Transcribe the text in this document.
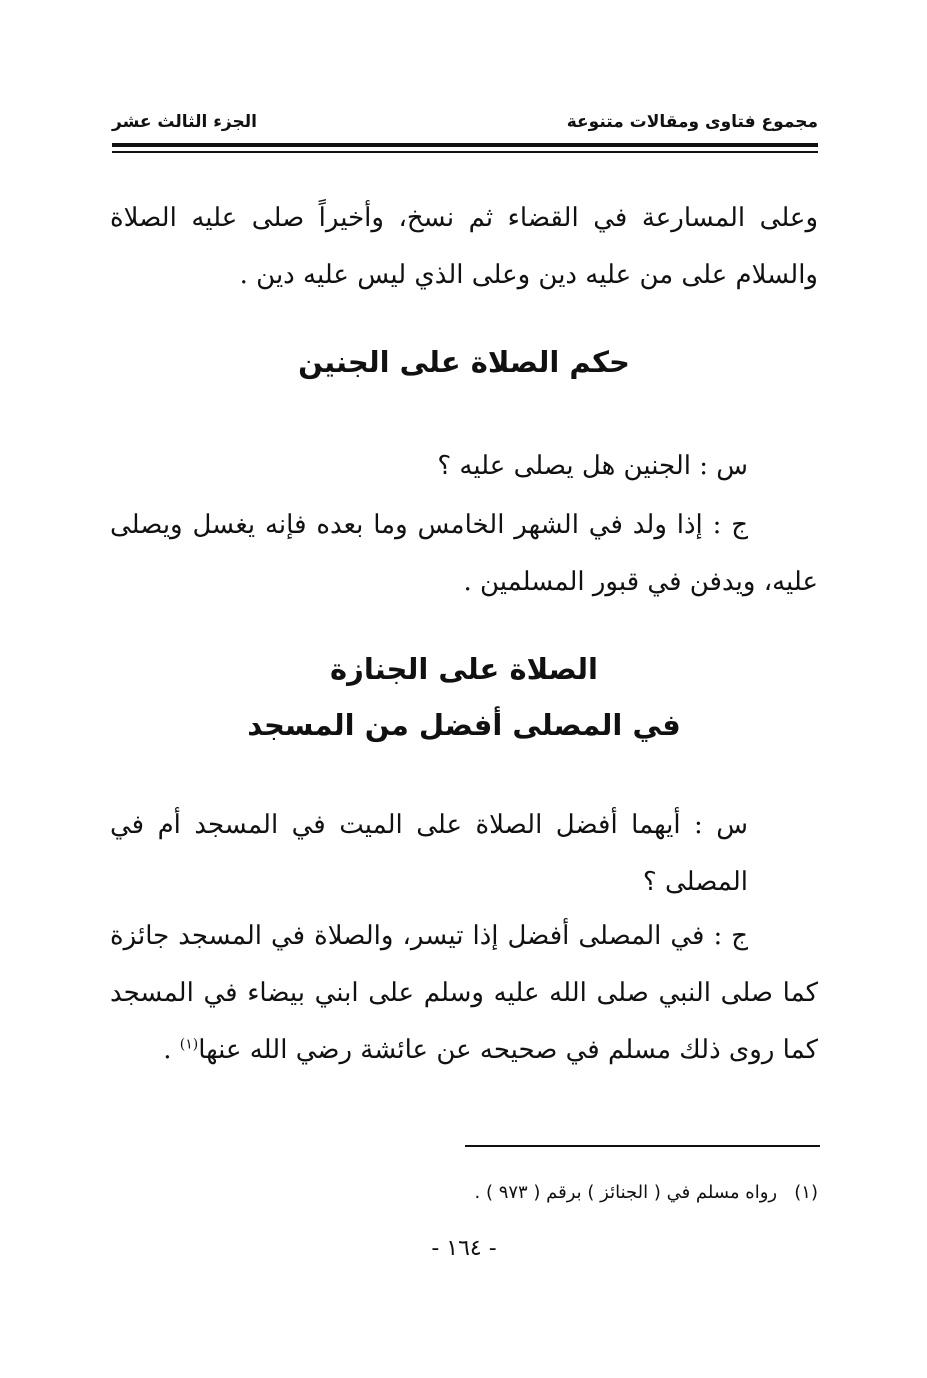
مجموع فتاوى ومقالات متنوعة
الجزء الثالث عشر

وعلى المسارعة في القضاء ثم نسخ، وأخيراً صلى عليه الصلاة والسلام على من عليه دين وعلى الذي ليس عليه دين .

حكم الصلاة على الجنين

س : الجنين هل يصلى عليه ؟

ج : إذا ولد في الشهر الخامس وما بعده فإنه يغسل ويصلى عليه، ويدفن في قبور المسلمين .

الصلاة على الجنازة
في المصلى أفضل من المسجد

س : أيهما أفضل الصلاة على الميت في المسجد أم في المصلى ؟

ج : في المصلى أفضل إذا تيسر، والصلاة في المسجد جائزة كما صلى النبي صلى الله عليه وسلم على ابني بيضاء في المسجد كما روى ذلك مسلم في صحيحه عن عائشة رضي الله عنها$^{(١)}$ .

(١)   رواه مسلم في ( الجنائز ) برقم ( ٩٧٣ ) .

- ١٦٤ -
